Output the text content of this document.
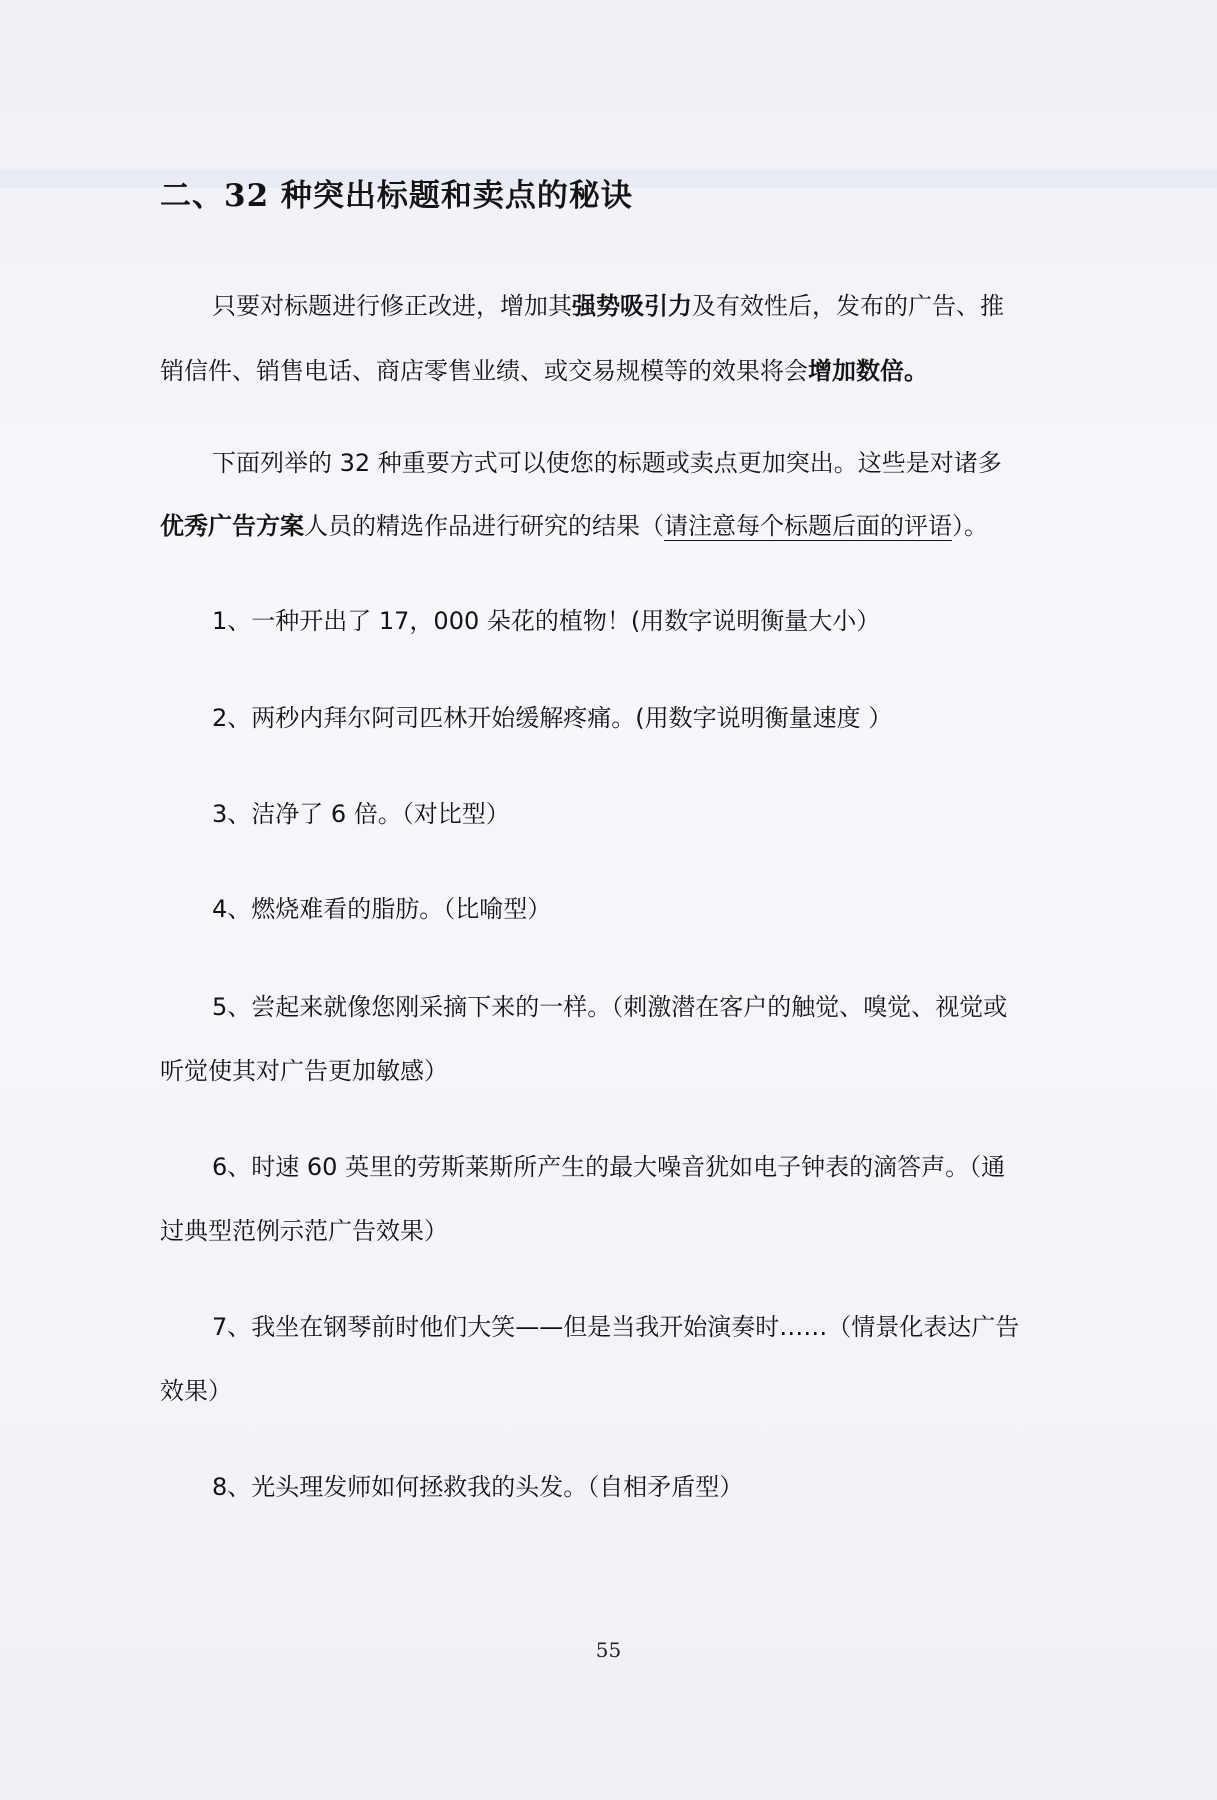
二、32 种突出标题和卖点的秘诀
只要对标题进行修正改进，增加其强势吸引力及有效性后，发布的广告、推
销信件、销售电话、商店零售业绩、或交易规模等的效果将会增加数倍。
下面列举的 32 种重要方式可以使您的标题或卖点更加突出。这些是对诸多
优秀广告方案人员的精选作品进行研究的结果（请注意每个标题后面的评语）。
1、一种开出了 17，000 朵花的植物！(用数字说明衡量大小）
2、两秒内拜尔阿司匹林开始缓解疼痛。(用数字说明衡量速度 ）
3、洁净了 6 倍。（对比型）
4、燃烧难看的脂肪。（比喻型）
5、尝起来就像您刚采摘下来的一样。（刺激潜在客户的触觉、嗅觉、视觉或
听觉使其对广告更加敏感）
6、时速 60 英里的劳斯莱斯所产生的最大噪音犹如电子钟表的滴答声。（通
过典型范例示范广告效果）
7、我坐在钢琴前时他们大笑——但是当我开始演奏时……（情景化表达广告
效果）
8、光头理发师如何拯救我的头发。（自相矛盾型）
55
